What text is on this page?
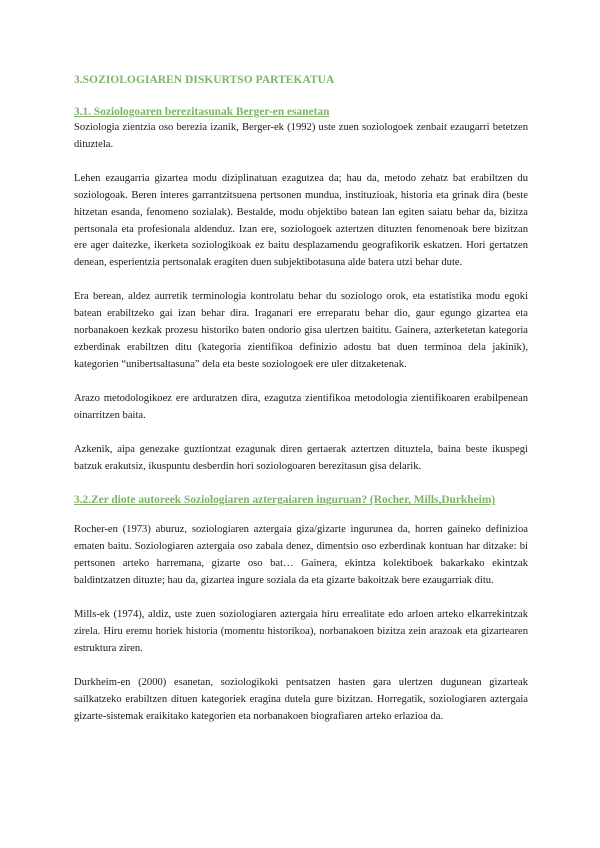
3.SOZIOLOGIAREN DISKURTSO PARTEKATUA
3.1. Soziologoaren berezitasunak Berger-en esanetan

Soziologia zientzia oso berezia izanik, Berger-ek (1992) uste zuen soziologoek zenbait ezaugarri betetzen dituztela.

Lehen ezaugarria gizartea modu diziplinatuan ezagutzea da; hau da, metodo zehatz bat erabiltzen du soziologoak. Beren interes garrantzitsuena pertsonen mundua, instituzioak, historia eta grinak dira (beste hitzetan esanda, fenomeno sozialak). Bestalde, modu objektibo batean lan egiten saiatu behar da, bizitza pertsonala eta profesionala aldenduz. Izan ere, soziologoek aztertzen dituzten fenomenoak bere bizitzan ere ager daitezke, ikerketa soziologikoak ez baitu desplazamendu geografikorik eskatzen. Hori gertatzen denean, esperientzia pertsonalak eragiten duen subjektibotasuna alde batera utzi behar dute.

Era berean, aldez aurretik terminologia kontrolatu behar du soziologo orok, eta estatistika modu egoki batean erabiltzeko gai izan behar dira. Iraganari ere erreparatu behar dio, gaur egungo gizartea eta norbanakoen kezkak prozesu historiko baten ondorio gisa ulertzen baititu. Gainera, azterketetan kategoria ezberdinak erabiltzen ditu (kategoria zientifikoa definizio adostu bat duen terminoa dela jakinik), kategorien “unibertsaltasuna” dela eta beste soziologoek ere uler ditzaketenak.

Arazo metodologikoez ere arduratzen dira, ezagutza zientifikoa metodologia zientifikoaren erabilpenean oinarritzen baita.

Azkenik, aipa genezake guztiontzat ezagunak diren gertaerak aztertzen dituztela, baina beste ikuspegi batzuk erakutsiz, ikuspuntu desberdin hori soziologoaren berezitasun gisa delarik.

3.2.Zer diote autoreek Soziologiaren aztergaiaren inguruan? (Rocher, Mills,Durkheim)

Rocher-en (1973) aburuz, soziologiaren aztergaia giza/gizarte ingurunea da, horren gaineko definizioa ematen baitu. Soziologiaren aztergaia oso zabala denez, dimentsio oso ezberdinak kontuan har ditzake: bi pertsonen arteko harremana, gizarte oso bat… Gainera, ekintza kolektiboek bakarkako ekintzak baldintzatzen dituzte; hau da, gizartea ingure soziala da eta gizarte bakoitzak bere ezaugarriak ditu.

Mills-ek (1974), aldiz, uste zuen soziologiaren aztergaia hiru errealitate edo arloen arteko elkarrekintzak zirela. Hiru eremu horiek historia (momentu historikoa), norbanakoen bizitza zein arazoak eta gizartearen estruktura ziren.

Durkheim-en (2000) esanetan, soziologikoki pentsatzen hasten gara ulertzen dugunean gizarteak sailkatzeko erabiltzen dituen kategoriek eragina dutela gure bizitzan. Horregatik, soziologiaren aztergaia gizarte-sistemak eraikitako kategorien eta norbanakoen biografiaren arteko erlazioa da.
